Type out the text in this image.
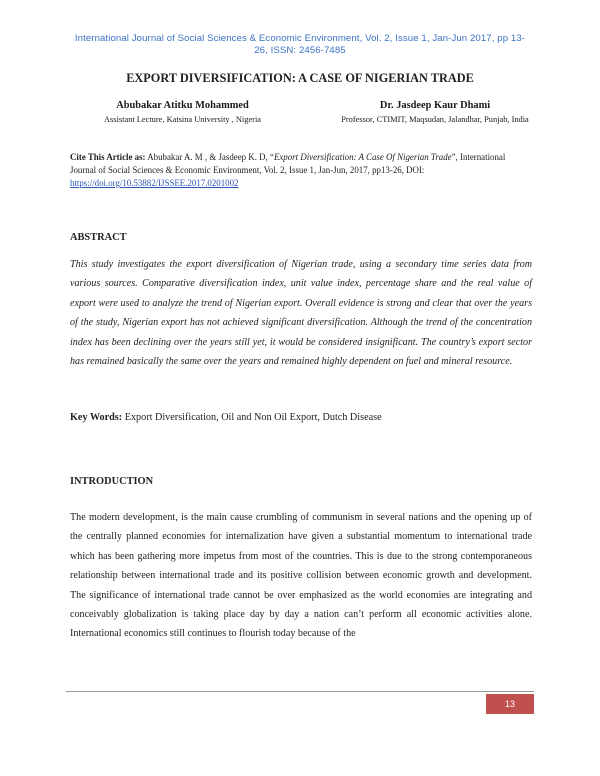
International Journal of Social Sciences & Economic Environment, Vol. 2, Issue 1, Jan-Jun 2017, pp 13-26, ISSN: 2456-7485
EXPORT DIVERSIFICATION: A CASE OF NIGERIAN TRADE
Abubakar Atitku Mohammed
Assistant Lecture, Katsina University , Nigeria
Dr. Jasdeep Kaur Dhami
Professor, CTIMIT, Maqsudan, Jalandhar, Punjab, India
Cite This Article as: Abubakar A. M , & Jasdeep K. D, “Export Diversification: A Case Of Nigerian Trade”, International Journal of Social Sciences & Economic Environment, Vol. 2, Issue 1, Jan-Jun, 2017, pp13-26, DOI: https://doi.org/10.53882/IJSSEE.2017.0201002
ABSTRACT
This study investigates the export diversification of Nigerian trade, using a secondary time series data from various sources. Comparative diversification index, unit value index, percentage share and the real value of export were used to analyze the trend of Nigerian export. Overall evidence is strong and clear that over the years of the study, Nigerian export has not achieved significant diversification. Although the trend of the concentration index has been declining over the years still yet, it would be considered insignificant. The country’s export sector has remained basically the same over the years and remained highly dependent on fuel and mineral resource.
Key Words: Export Diversification, Oil and Non Oil Export, Dutch Disease
INTRODUCTION
The modern development, is the main cause crumbling of communism in several nations and the opening up of the centrally planned economies for internalization have given a substantial momentum to international trade which has been gathering more impetus from most of the countries. This is due to the strong contemporaneous relationship between international trade and its positive collision between economic growth and development. The significance of international trade cannot be over emphasized as the world economies are integrating and conceivably globalization is taking place day by day a nation can’t perform all economic activities alone. International economics still continues to flourish today because of the
13
